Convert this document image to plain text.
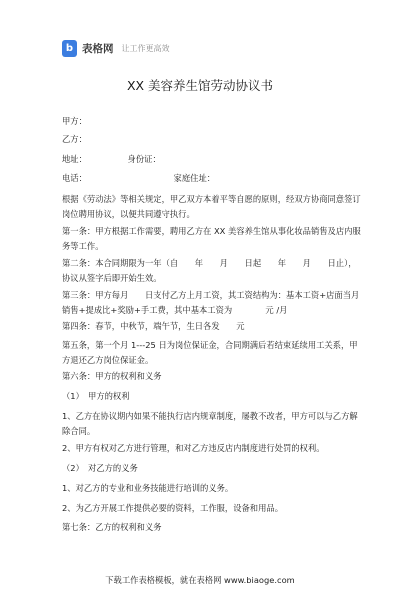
b 表格网 让工作更高效
XX 美容养生馆劳动协议书
甲方：
乙方：
地址：	身份证：
电话：	家庭住址：
根据《劳动法》等相关规定，甲乙双方本着平等自愿的原则，经双方协商同意签订岗位聘用协议，以便共同遵守执行。
第一条：甲方根据工作需要，聘用乙方在 XX 美容养生馆从事化妆品销售及店内服务等工作。
第二条：本合同期限为一年（自　　年　　月　　日起　　年　　月　　日止），协议从签字后即开始生效。
第三条：甲方每月　　日支付乙方上月工资，其工资结构为：基本工资+店面当月销售+提成比+奖励+手工费，其中基本工资为　　　　元 /月
第四条：春节，中秋节，端午节，生日各发　　元
第五条，第一个月 1---25 日为岗位保证金，合同期满后若结束延续用工关系，甲方退还乙方岗位保证金。
第六条：甲方的权利和义务
（1）　甲方的权利
1、乙方在协议期内如果不能执行店内规章制度，屡教不改者，甲方可以与乙方解除合同。
2、甲方有权对乙方进行管理，和对乙方违反店内制度进行处罚的权利。
（2）　对乙方的义务
1、对乙方的专业和业务技能进行培训的义务。
2、为乙方开展工作提供必要的资料，工作服，设备和用品。
第七条：乙方的权利和义务
下载工作表格模板，就在表格网 www.biaoge.com
